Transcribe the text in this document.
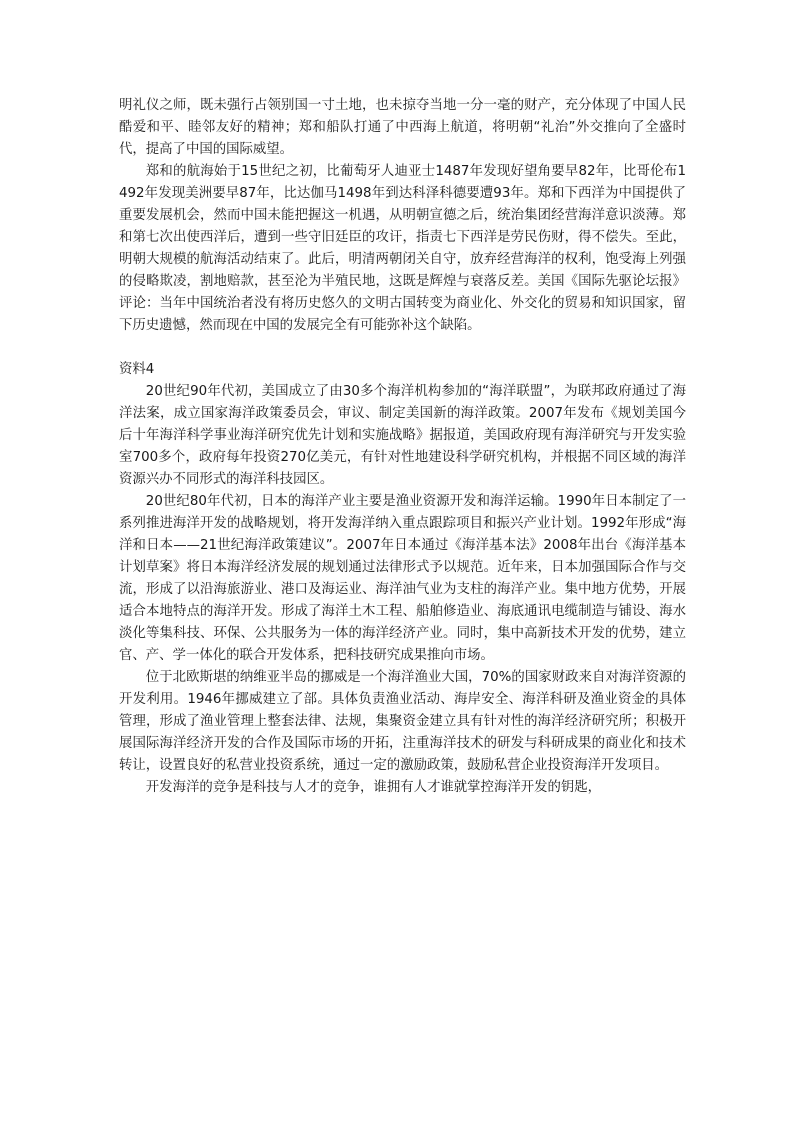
明礼仪之师，既未强行占领别国一寸土地，也未掠夺当地一分一毫的财产，充分体现了中国人民酷爱和平、睦邻友好的精神；郑和船队打通了中西海上航道，将明朝“礼治”外交推向了全盛时代，提高了中国的国际威望。

郑和的航海始于15世纪之初，比葡萄牙人迪亚士1487年发现好望角要早82年，比哥伦布1492年发现美洲要早87年，比达伽马1498年到达科泽科德要遭93年。郑和下西洋为中国提供了重要发展机会，然而中国未能把握这一机遇，从明朝宣德之后，统治集团经营海洋意识淡薄。郑和第七次出使西洋后，遭到一些守旧廷臣的攻讦，指责七下西洋是劳民伤财，得不偿失。至此，明朝大规模的航海活动结束了。此后，明清两朝闭关自守，放弃经营海洋的权利，饱受海上列强的侵略欺凌，割地赔款，甚至沦为半殖民地，这既是辉煌与衰落反差。美国《国际先驱论坛报》评论：当年中国统治者没有将历史悠久的文明古国转变为商业化、外交化的贸易和知识国家，留下历史遗憾，然而现在中国的发展完全有可能弥补这个缺陷。

资料4

20世纪90年代初，美国成立了由30多个海洋机构参加的“海洋联盟”，为联邦政府通过了海洋法案，成立国家海洋政策委员会，审议、制定美国新的海洋政策。2007年发布《规划美国今后十年海洋科学事业海洋研究优先计划和实施战略》据报道，美国政府现有海洋研究与开发实验室700多个，政府每年投资270亿美元，有针对性地建设科学研究机构，并根据不同区域的海洋资源兴办不同形式的海洋科技园区。

20世纪80年代初，日本的海洋产业主要是渔业资源开发和海洋运输。1990年日本制定了一系列推进海洋开发的战略规划，将开发海洋纳入重点跟踪项目和振兴产业计划。1992年形成“海洋和日本——21世纪海洋政策建议”。2007年日本通过《海洋基本法》2008年出台《海洋基本计划草案》将日本海洋经济发展的规划通过法律形式予以规范。近年来，日本加强国际合作与交流，形成了以沿海旅游业、港口及海运业、海洋油气业为支柱的海洋产业。集中地方优势，开展适合本地特点的海洋开发。形成了海洋土木工程、船舶修造业、海底通讯电缆制造与铺设、海水淡化等集科技、环保、公共服务为一体的海洋经济产业。同时，集中高新技术开发的优势，建立官、产、学一体化的联合开发体系，把科技研究成果推向市场。

位于北欧斯堪的纳维亚半岛的挪威是一个海洋渔业大国，70%的国家财政来自对海洋资源的开发利用。1946年挪威建立了部。具体负责渔业活动、海岸安全、海洋科研及渔业资金的具体管理，形成了渔业管理上整套法律、法规，集聚资金建立具有针对性的海洋经济研究所；积极开展国际海洋经济开发的合作及国际市场的开拓，注重海洋技术的研发与科研成果的商业化和技术转让，设置良好的私营业投资系统，通过一定的激励政策，鼓励私营企业投资海洋开发项目。

开发海洋的竞争是科技与人才的竞争，谁拥有人才谁就掌控海洋开发的钥匙，
